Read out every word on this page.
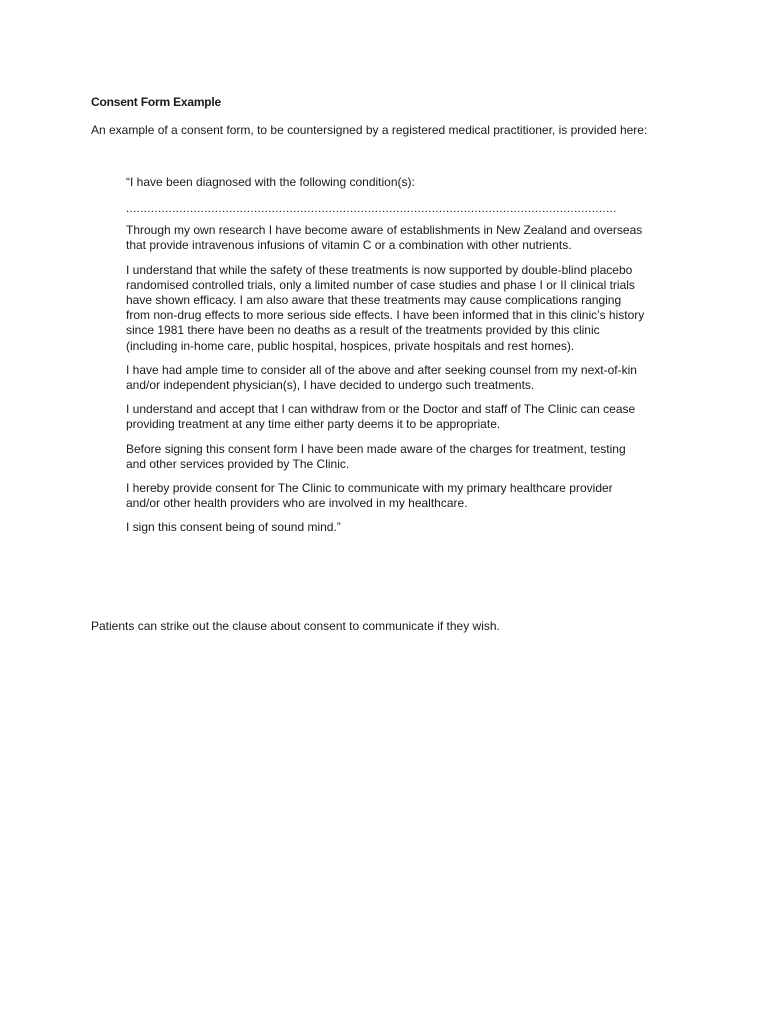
Consent Form Example
An example of a consent form, to be countersigned by a registered medical practitioner, is provided here:

“I have been diagnosed with the following condition(s):

..........................................................................................................................................

Through my own research I have become aware of establishments in New Zealand and overseas that provide intravenous infusions of vitamin C or a combination with other nutrients.

I understand that while the safety of these treatments is now supported by double-blind placebo randomised controlled trials, only a limited number of case studies and phase I or II clinical trials have shown efficacy. I am also aware that these treatments may cause complications ranging from non-drug effects to more serious side effects. I have been informed that in this clinic’s history since 1981 there have been no deaths as a result of the treatments provided by this clinic (including in-home care, public hospital, hospices, private hospitals and rest homes).

I have had ample time to consider all of the above and after seeking counsel from my next-of-kin and/or independent physician(s), I have decided to undergo such treatments.

I understand and accept that I can withdraw from or the Doctor and staff of The Clinic can cease providing treatment at any time either party deems it to be appropriate.

Before signing this consent form I have been made aware of the charges for treatment, testing and other services provided by The Clinic.

I hereby provide consent for The Clinic to communicate with my primary healthcare provider and/or other health providers who are involved in my healthcare.

I sign this consent being of sound mind.”

Patients can strike out the clause about consent to communicate if they wish.
